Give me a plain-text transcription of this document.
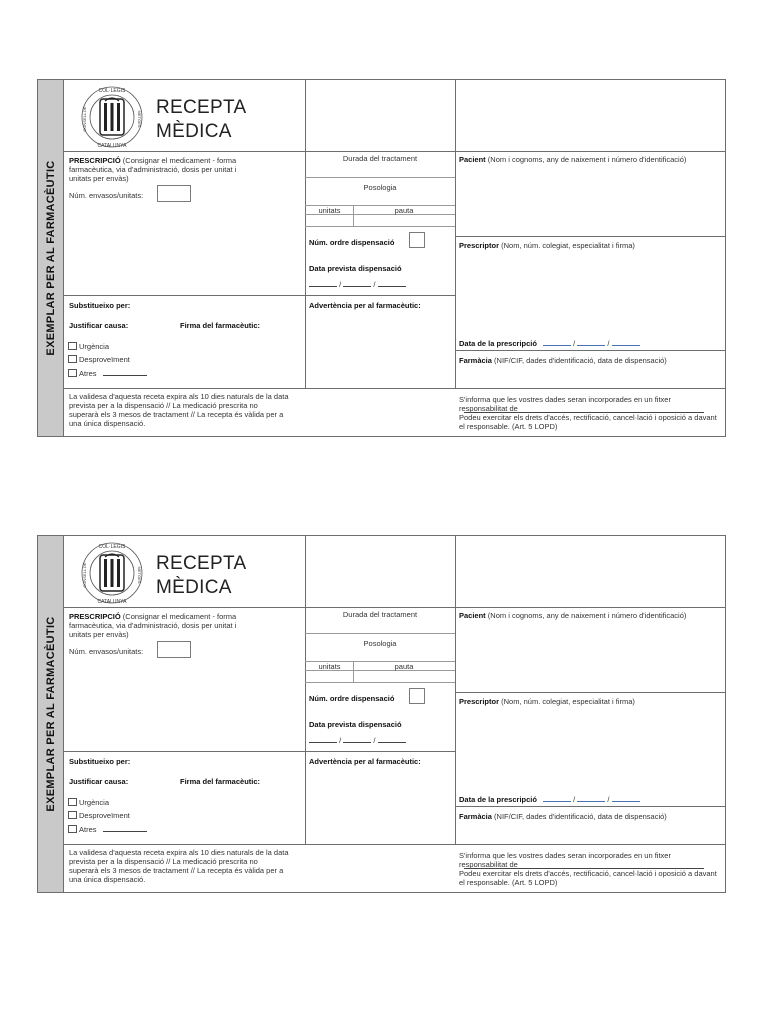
EXEMPLAR PER AL FARMACÈUTIC
COL·LEGIS
CATALUNYA
CONSELL DE	METGES
RECEPTA
MÈDICA
PRESCRIPCIÓ (Consignar el medicament - forma farmacèutica, via d'administració, dosis per unitat i unitats per envàs)
Núm. envasos/unitats:
Durada del tractament
Posologia
unitats	pauta
Núm. ordre dispensació
Data prevista dispensació
/	/
Pacient (Nom i cognoms, any de naixement i número d'identificació)
Prescriptor (Nom, núm. colegiat, especialitat i firma)
Data de la prescripció	/	/
Farmàcia (NIF/CIF, dades d'identificació, data de dispensació)
Substitueixo per:
Justificar causa:	Firma del farmacèutic:
Urgència
Desproveïment
Atres
Advertència per al farmacèutic:
La validesa d'aquesta receta expira als 10 dies naturals de la data prevista per a la dispensació // La medicació prescrita no superarà els 3 mesos de tractament // La recepta és vàlida per a una única dispensació.
S'informa que les vostres dades seran incorporades en un fitxer responsabilitat de
Podeu exercitar els drets d'accés, rectificació, cancel·lació i oposició a davant el responsable. (Art. 5 LOPD)
EXEMPLAR PER AL FARMACÈUTIC
COL·LEGIS
CATALUNYA
CONSELL DE	METGES
RECEPTA
MÈDICA
PRESCRIPCIÓ (Consignar el medicament - forma farmacèutica, via d'administració, dosis per unitat i unitats per envàs)
Núm. envasos/unitats:
Durada del tractament
Posologia
unitats	pauta
Núm. ordre dispensació
Data prevista dispensació
/	/
Pacient (Nom i cognoms, any de naixement i número d'identificació)
Prescriptor (Nom, núm. colegiat, especialitat i firma)
Data de la prescripció	/	/
Farmàcia (NIF/CIF, dades d'identificació, data de dispensació)
Substitueixo per:
Justificar causa:	Firma del farmacèutic:
Urgència
Desproveïment
Atres
Advertència per al farmacèutic:
La validesa d'aquesta receta expira als 10 dies naturals de la data prevista per a la dispensació // La medicació prescrita no superarà els 3 mesos de tractament // La recepta és vàlida per a una única dispensació.
S'informa que les vostres dades seran incorporades en un fitxer responsabilitat de
Podeu exercitar els drets d'accés, rectificació, cancel·lació i oposició a davant el responsable. (Art. 5 LOPD)
